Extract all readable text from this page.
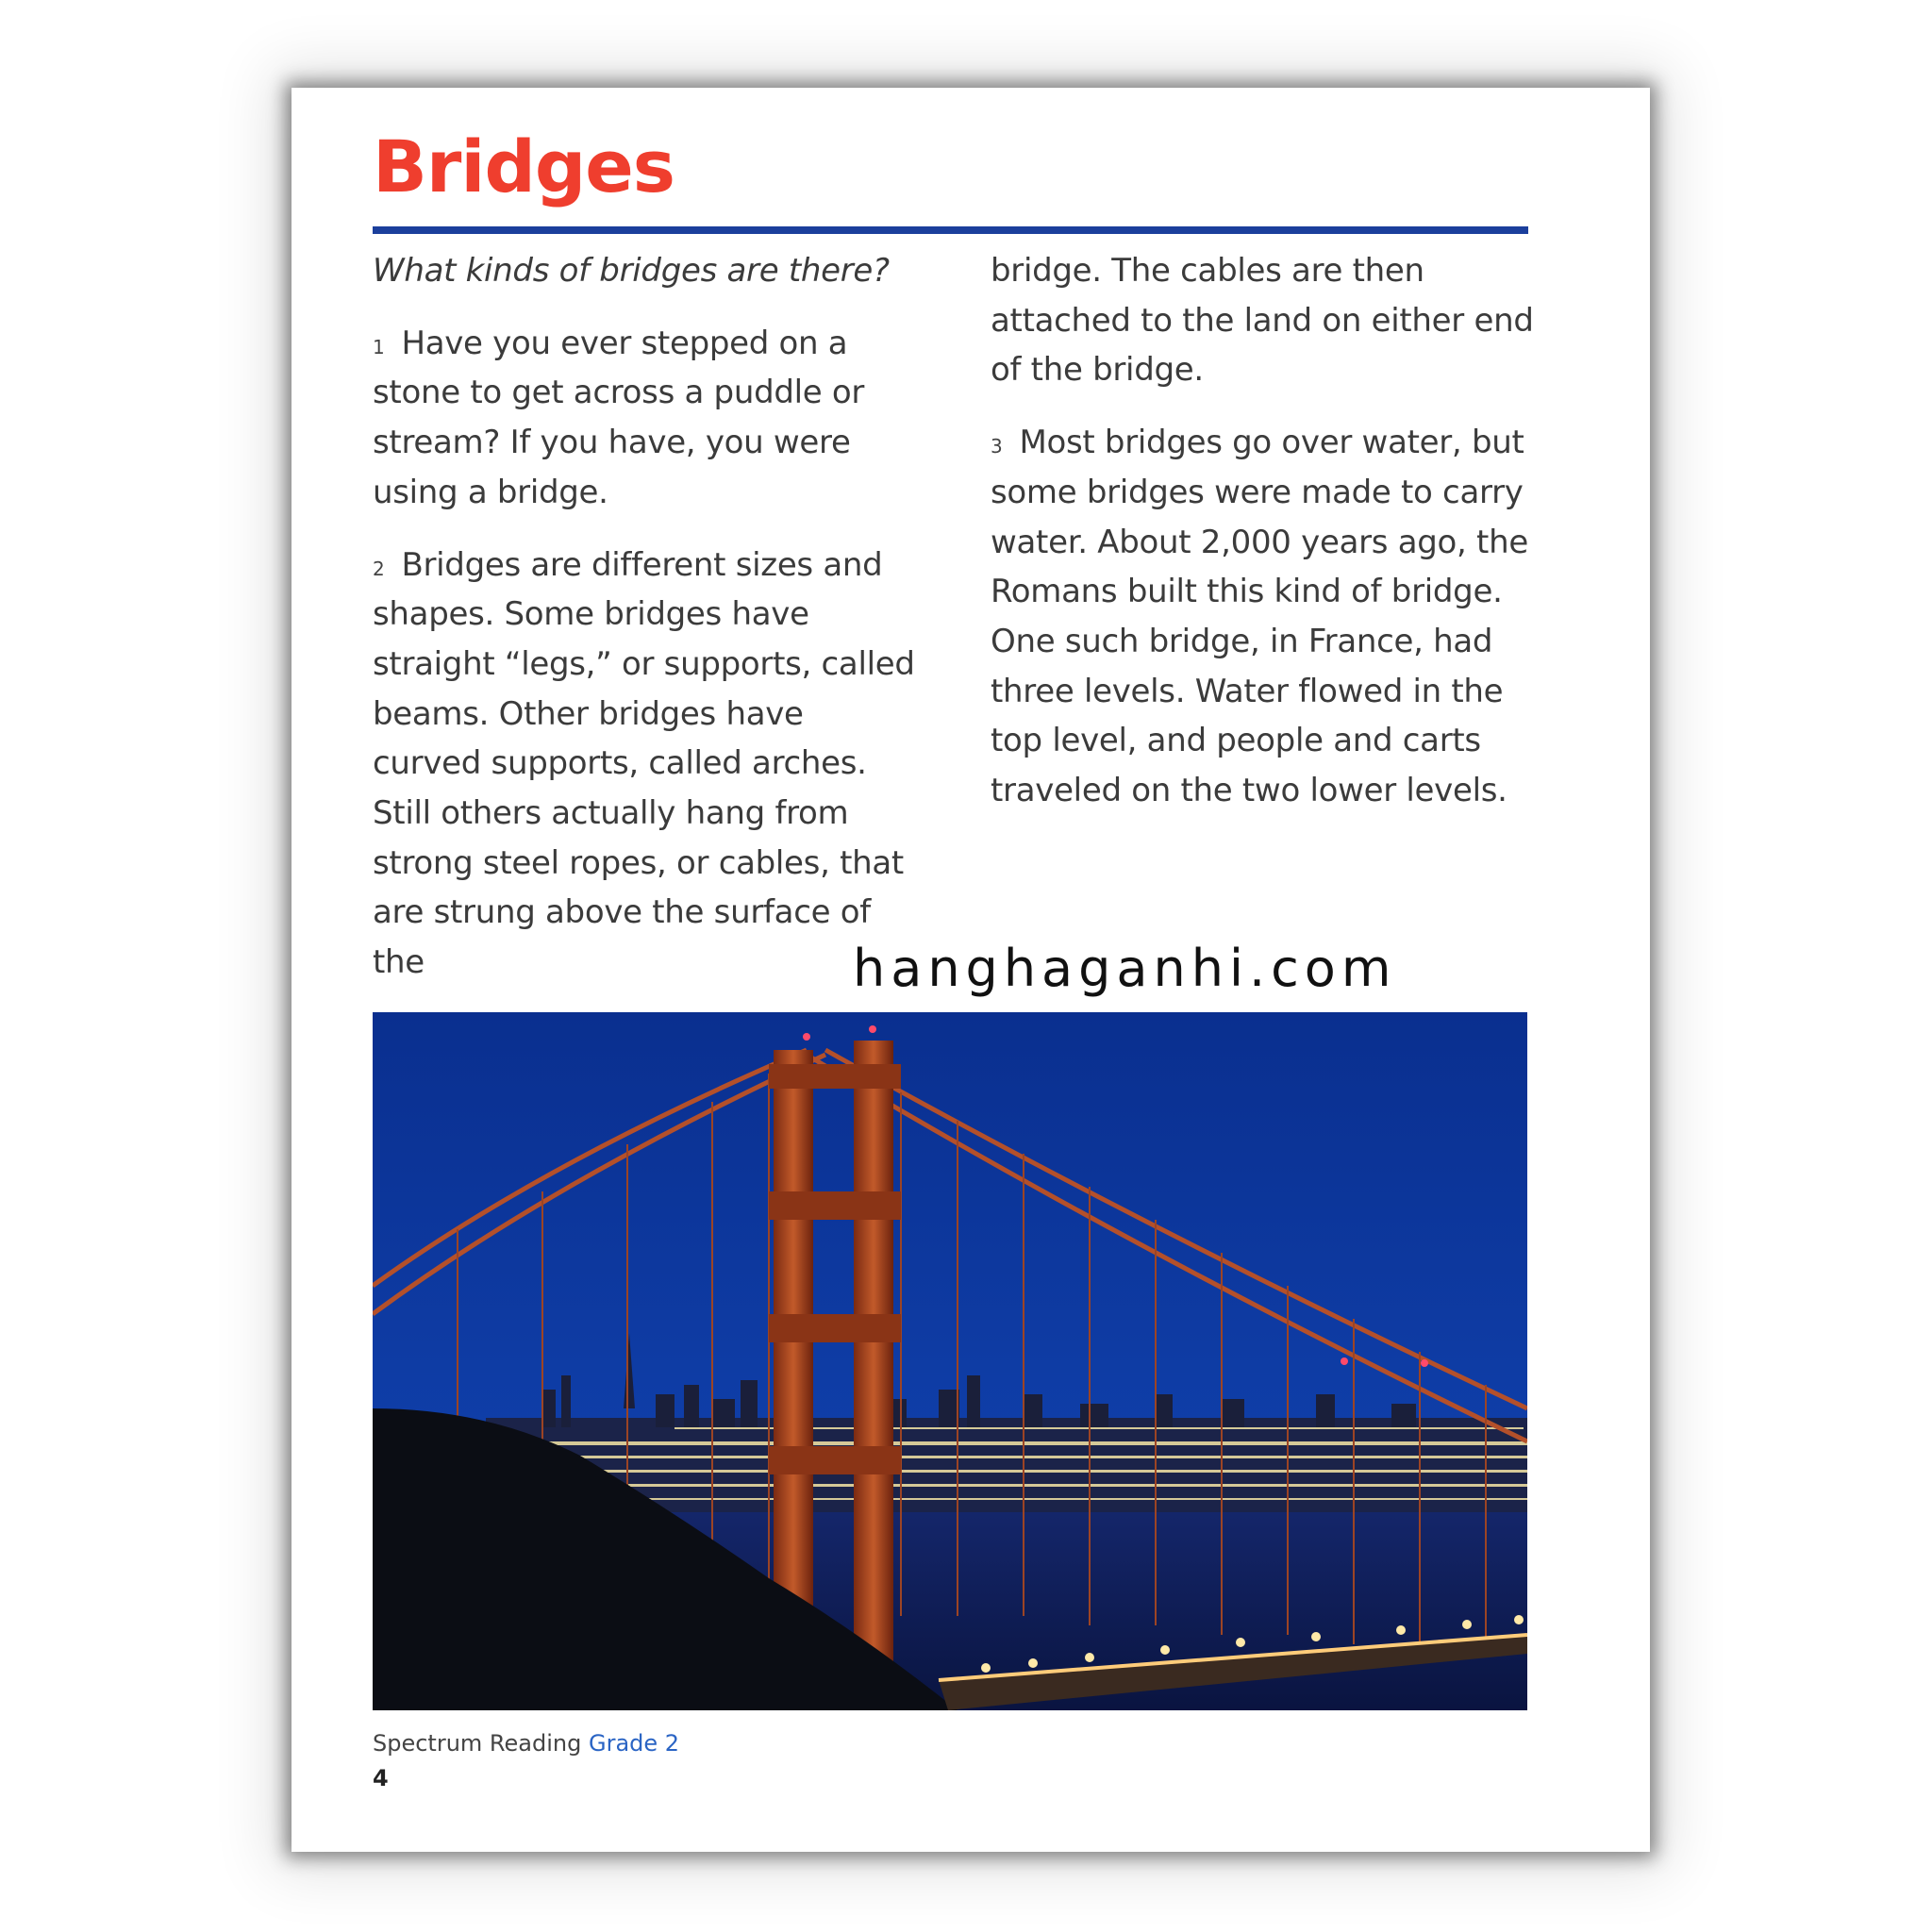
Bridges

What kinds of bridges are there?

$^1$ Have you ever stepped on a stone to get across a puddle or stream? If you have, you were using a bridge.

$^2$ Bridges are different sizes and shapes. Some bridges have straight “legs,” or supports, called beams. Other bridges have curved supports, called arches. Still others actually hang from strong steel ropes, or cables, that are strung above the surface of the

bridge. The cables are then attached to the land on either end of the bridge.

$^3$ Most bridges go over water, but some bridges were made to carry water. About 2,000 years ago, the Romans built this kind of bridge. One such bridge, in France, had three levels. Water flowed in the top level, and people and carts traveled on the two lower levels.

hanghaganhi.com
Spectrum Reading Grade 2
4
